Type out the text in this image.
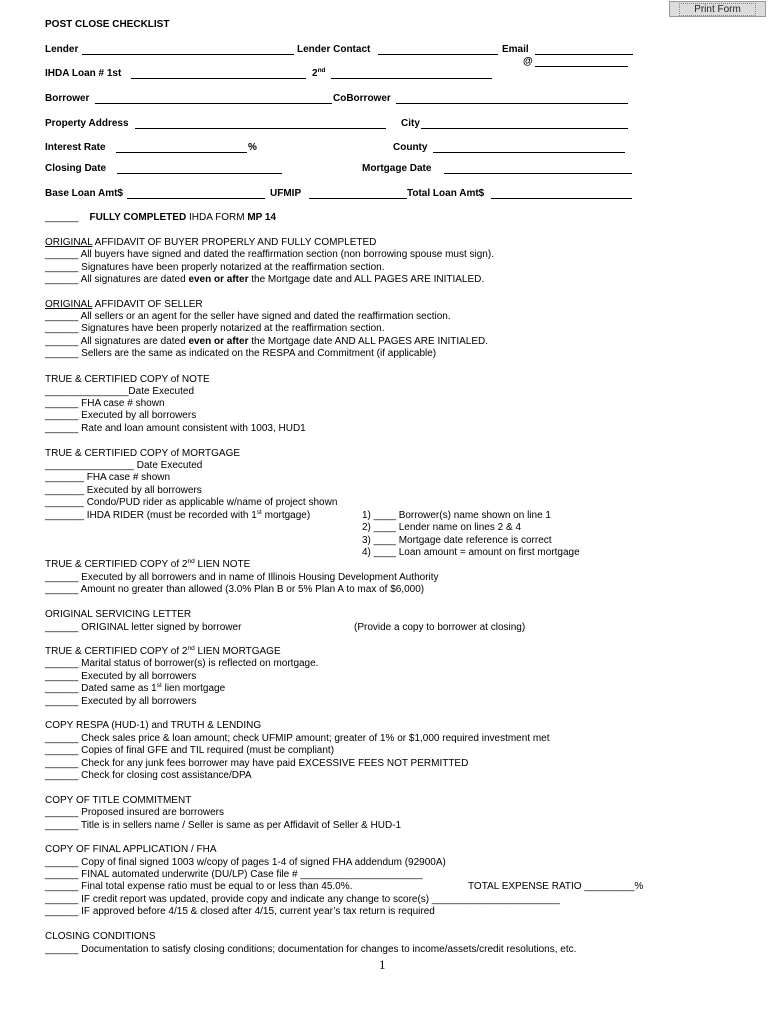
Print Form
POST CLOSE CHECKLIST
Lender	Lender Contact	Email
@
IHDA Loan # 1st	2nd
Borrower	CoBorrower
Property Address	City
Interest Rate	%	County
Closing Date	Mortgage Date
Base Loan Amt$	UFMIP	Total Loan Amt$
______ FULLY COMPLETED IHDA FORM MP 14
ORIGINAL AFFIDAVIT OF BUYER PROPERLY AND FULLY COMPLETED
______ All buyers have signed and dated the reaffirmation section (non borrowing spouse must sign).
______ Signatures have been properly notarized at the reaffirmation section.
______ All signatures are dated even or after the Mortgage date and ALL PAGES ARE INITIALED.
ORIGINAL AFFIDAVIT OF SELLER
______ All sellers or an agent for the seller have signed and dated the reaffirmation section.
______ Signatures have been properly notarized at the reaffirmation section.
______ All signatures are dated even or after the Mortgage date AND ALL PAGES ARE INITIALED.
______ Sellers are the same as indicated on the RESPA and Commitment (if applicable)
TRUE & CERTIFIED COPY of NOTE
_______________Date Executed
______ FHA case # shown
______ Executed by all borrowers
______ Rate and loan amount consistent with 1003, HUD1
TRUE & CERTIFIED COPY of MORTGAGE
________________ Date Executed
_______ FHA case # shown
_______ Executed by all borrowers
_______ Condo/PUD rider as applicable w/name of project shown
_______ IHDA RIDER (must be recorded with 1st mortgage)	1) ____ Borrower(s) name shown on line 1
2) ____ Lender name on lines 2 & 4
3) ____ Mortgage date reference is correct
4) ____ Loan amount = amount on first mortgage
TRUE & CERTIFIED COPY of 2nd LIEN NOTE
______ Executed by all borrowers and in name of Illinois Housing Development Authority
______ Amount no greater than allowed (3.0% Plan B or 5% Plan A to max of $6,000)
ORIGINAL SERVICING LETTER
______ ORIGINAL letter signed by borrower	(Provide a copy to borrower at closing)
TRUE & CERTIFIED COPY of 2nd LIEN MORTGAGE
______ Marital status of borrower(s) is reflected on mortgage.
______ Executed by all borrowers
______ Dated same as 1st lien mortgage
______ Executed by all borrowers
COPY RESPA (HUD-1) and TRUTH & LENDING
______ Check sales price & loan amount; check UFMIP amount; greater of 1% or $1,000 required investment met
______ Copies of final GFE and TIL required (must be compliant)
______ Check for any junk fees borrower may have paid EXCESSIVE FEES NOT PERMITTED
______ Check for closing cost assistance/DPA
COPY OF TITLE COMMITMENT
______ Proposed insured are borrowers
______ Title is in sellers name / Seller is same as per Affidavit of Seller & HUD-1
COPY OF FINAL APPLICATION / FHA
______ Copy of final signed 1003 w/copy of pages 1-4 of signed FHA addendum (92900A)
______ FINAL automated underwrite (DU/LP) Case file # ______________________
______ Final total expense ratio must be equal to or less than 45.0%.	TOTAL EXPENSE RATIO _________%
______ IF credit report was updated, provide copy and indicate any change to score(s) _______________________
______ IF approved before 4/15 & closed after 4/15, current year’s tax return is required
CLOSING CONDITIONS
______ Documentation to satisfy closing conditions; documentation for changes to income/assets/credit resolutions, etc.
1
